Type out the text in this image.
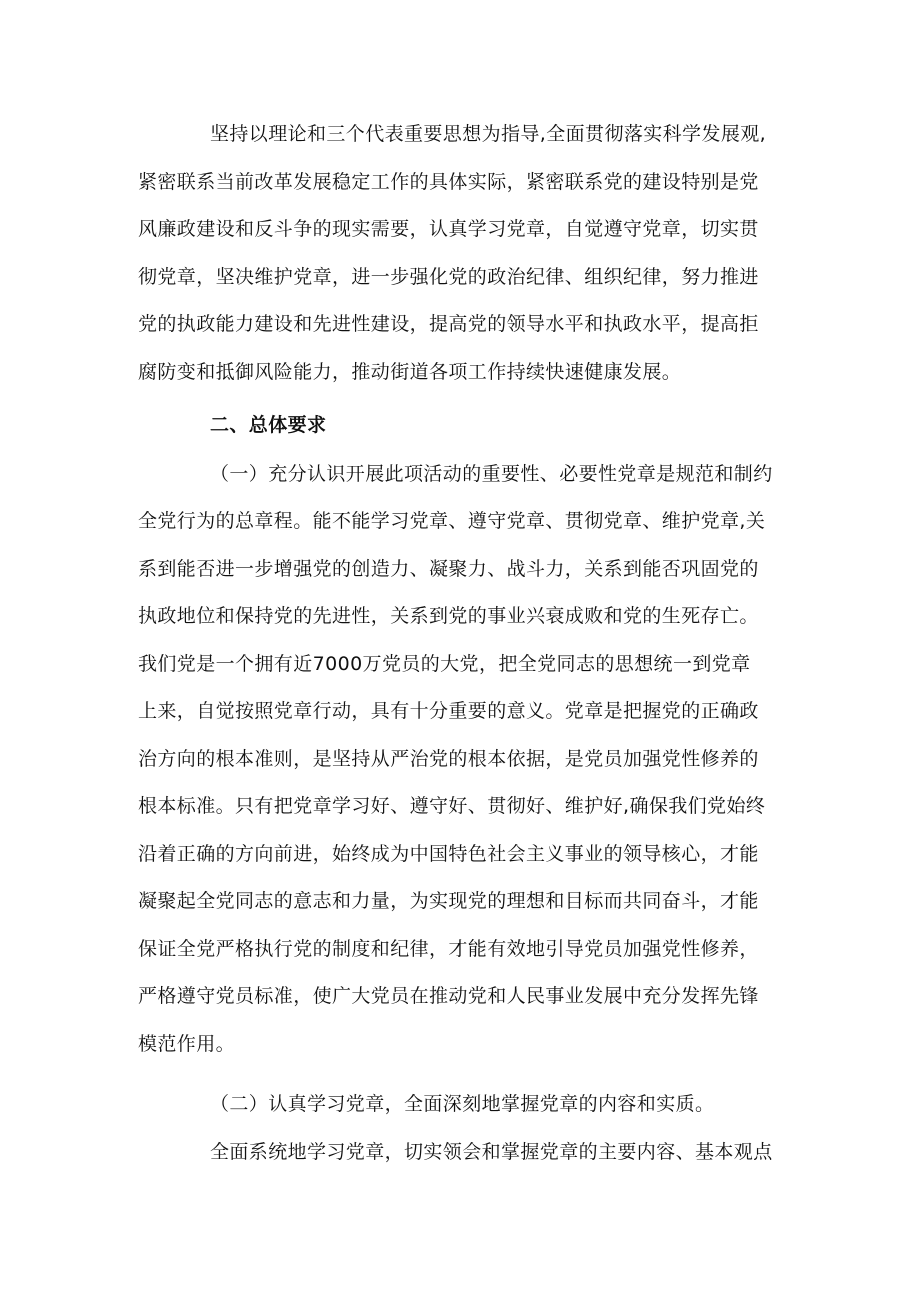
坚持以理论和三个代表重要思想为指导,全面贯彻落实科学发展观,
紧密联系当前改革发展稳定工作的具体实际，紧密联系党的建设特别是党
风廉政建设和反斗争的现实需要，认真学习党章，自觉遵守党章，切实贯
彻党章，坚决维护党章，进一步强化党的政治纪律、组织纪律，努力推进
党的执政能力建设和先进性建设，提高党的领导水平和执政水平，提高拒
腐防变和抵御风险能力，推动街道各项工作持续快速健康发展。
二、总体要求
（一）充分认识开展此项活动的重要性、必要性党章是规范和制约
全党行为的总章程。能不能学习党章、遵守党章、贯彻党章、维护党章,关
系到能否进一步增强党的创造力、凝聚力、战斗力，关系到能否巩固党的
执政地位和保持党的先进性，关系到党的事业兴衰成败和党的生死存亡。
我们党是一个拥有近7000万党员的大党，把全党同志的思想统一到党章
上来，自觉按照党章行动，具有十分重要的意义。党章是把握党的正确政
治方向的根本准则，是坚持从严治党的根本依据，是党员加强党性修养的
根本标准。只有把党章学习好、遵守好、贯彻好、维护好,确保我们党始终
沿着正确的方向前进，始终成为中国特色社会主义事业的领导核心，才能
凝聚起全党同志的意志和力量，为实现党的理想和目标而共同奋斗，才能
保证全党严格执行党的制度和纪律，才能有效地引导党员加强党性修养，
严格遵守党员标准，使广大党员在推动党和人民事业发展中充分发挥先锋
模范作用。
（二）认真学习党章，全面深刻地掌握党章的内容和实质。
全面系统地学习党章，切实领会和掌握党章的主要内容、基本观点
